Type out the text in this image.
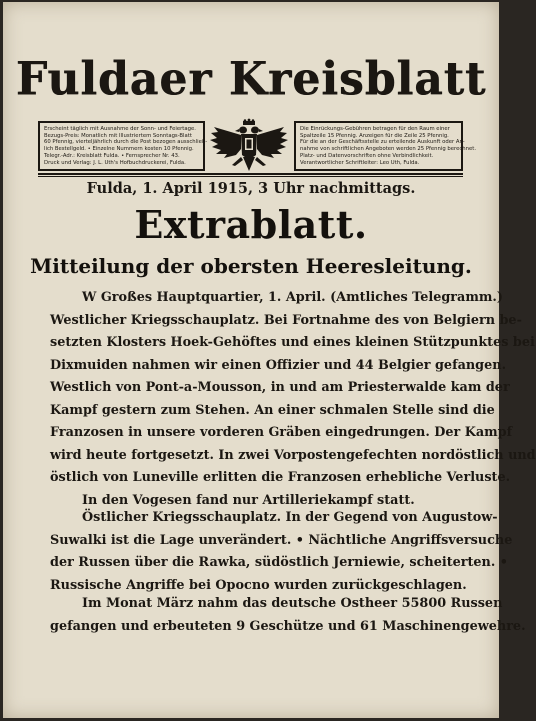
Fuldaer Kreisblatt
Erscheint täglich mit Ausnahme der Sonn- und Feiertage.
Bezugs-Preis: Monatlich mit Illustriertem Sonntags-Blatt
60 Pfennig, vierteljährlich durch die Post bezogen ausschließ-
lich Bestellgeld. • Einzelne Nummern kosten 10 Pfennig.
Telegr.-Adr.: Kreisblatt Fulda. • Fernsprecher Nr. 43.
Druck und Verlag: J. L. Uth's Hofbuchdruckerei, Fulda.
Die Einrückungs-Gebühren betragen für den Raum einer
Spaltzeile 15 Pfennig. Anzeigen für die Zeile 25 Pfennig.
Für die an der Geschäftsstelle zu erteilende Auskunft oder An-
nahme von schriftlichen Angeboten werden 25 Pfennig berechnet.
Platz- und Datenvorschriften ohne Verbindlichkeit.
Verantwortlicher Schriftleiter: Leo Uth, Fulda.
Fulda, 1. April 1915, 3 Uhr nachmittags.
Extrablatt.
Mitteilung der obersten Heeresleitung.
W Großes Hauptquartier, 1. April. (Amtliches Telegramm.)
Westlicher Kriegsschauplatz. Bei Fortnahme des von Belgiern be-
setzten Klosters Hoek-Gehöftes und eines kleinen Stützpunktes bei
Dixmuiden nahmen wir einen Offizier und 44 Belgier gefangen.
Westlich von Pont-a-Mousson, in und am Priesterwalde kam der
Kampf gestern zum Stehen. An einer schmalen Stelle sind die
Franzosen in unsere vorderen Gräben eingedrungen. Der Kampf
wird heute fortgesetzt. In zwei Vorpostengefechten nordöstlich und
östlich von Luneville erlitten die Franzosen erhebliche Verluste.
In den Vogesen fand nur Artilleriekampf statt.
Östlicher Kriegsschauplatz. In der Gegend von Augustow-
Suwalki ist die Lage unverändert. • Nächtliche Angriffsversuche
der Russen über die Rawka, südöstlich Jerniewie, scheiterten. •
Russische Angriffe bei Opocno wurden zurückgeschlagen.
Im Monat März nahm das deutsche Ostheer 55800 Russen
gefangen und erbeuteten 9 Geschütze und 61 Maschinengewehre.
